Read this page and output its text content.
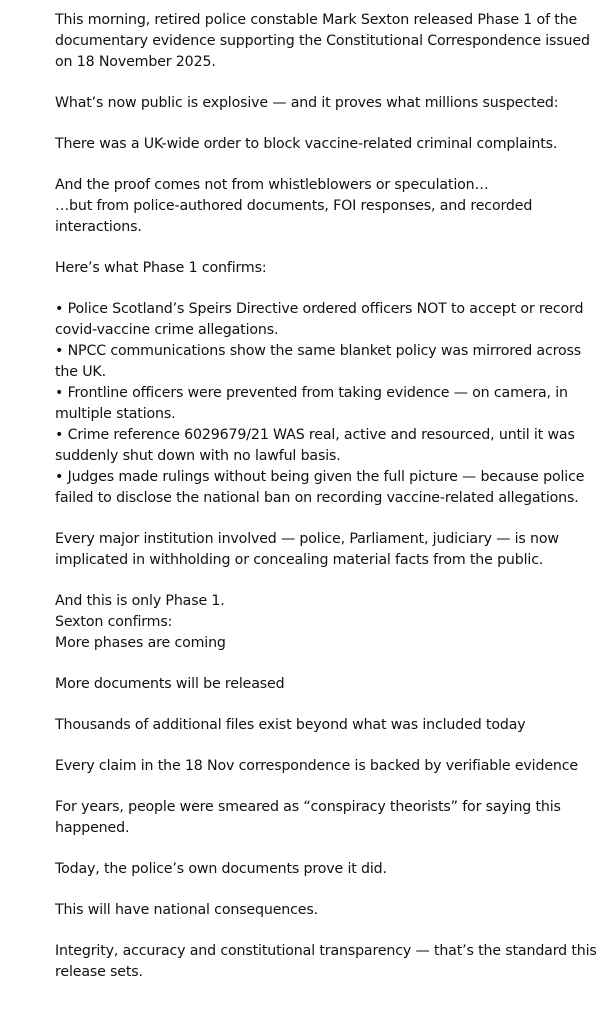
This morning, retired police constable Mark Sexton released Phase 1 of the documentary evidence supporting the Constitutional Correspondence issued on 18 November 2025.

What’s now public is explosive — and it proves what millions suspected:

There was a UK-wide order to block vaccine-related criminal complaints.

And the proof comes not from whistleblowers or speculation…

…but from police-authored documents, FOI responses, and recorded interactions.

Here’s what Phase 1 confirms:

• Police Scotland’s Speirs Directive ordered officers NOT to accept or record covid-vaccine crime allegations.

• NPCC communications show the same blanket policy was mirrored across the UK.

• Frontline officers were prevented from taking evidence — on camera, in multiple stations.

• Crime reference 6029679/21 WAS real, active and resourced, until it was suddenly shut down with no lawful basis.

• Judges made rulings without being given the full picture — because police failed to disclose the national ban on recording vaccine-related allegations.

Every major institution involved — police, Parliament, judiciary — is now implicated in withholding or concealing material facts from the public.

And this is only Phase 1.

Sexton confirms:

More phases are coming

More documents will be released

Thousands of additional files exist beyond what was included today

Every claim in the 18 Nov correspondence is backed by verifiable evidence

For years, people were smeared as “conspiracy theorists” for saying this happened.

Today, the police’s own documents prove it did.

This will have national consequences.

Integrity, accuracy and constitutional transparency — that’s the standard this release sets.
